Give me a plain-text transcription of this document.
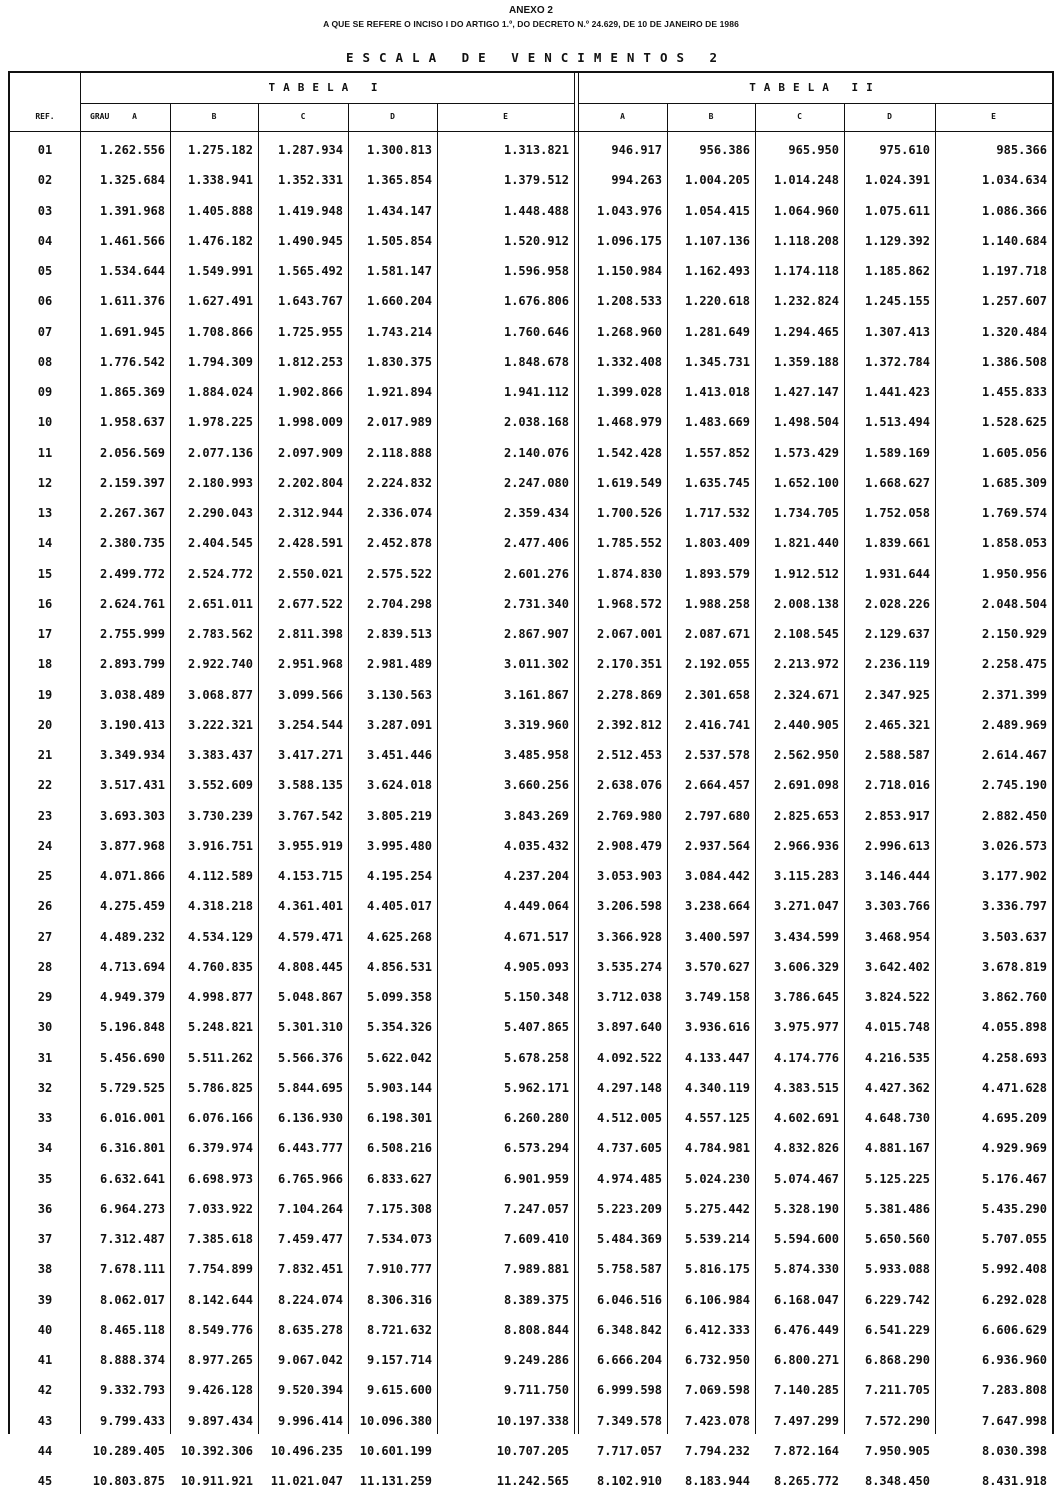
ANEXO 2
A QUE SE REFERE O INCISO I DO ARTIGO 1.º, DO DECRETO N.º 24.629, DE 10 DE JANEIRO DE 1986
ESCALA DE VENCIMENTOS 2
TABELA I	TABELA II
REF.	GRAU A	B	C	D	E	A	B	C	D	E
01	1.262.556	1.275.182	1.287.934	1.300.813	1.313.821	946.917	956.386	965.950	975.610	985.366
02	1.325.684	1.338.941	1.352.331	1.365.854	1.379.512	994.263	1.004.205	1.014.248	1.024.391	1.034.634
03	1.391.968	1.405.888	1.419.948	1.434.147	1.448.488	1.043.976	1.054.415	1.064.960	1.075.611	1.086.366
04	1.461.566	1.476.182	1.490.945	1.505.854	1.520.912	1.096.175	1.107.136	1.118.208	1.129.392	1.140.684
05	1.534.644	1.549.991	1.565.492	1.581.147	1.596.958	1.150.984	1.162.493	1.174.118	1.185.862	1.197.718
06	1.611.376	1.627.491	1.643.767	1.660.204	1.676.806	1.208.533	1.220.618	1.232.824	1.245.155	1.257.607
07	1.691.945	1.708.866	1.725.955	1.743.214	1.760.646	1.268.960	1.281.649	1.294.465	1.307.413	1.320.484
08	1.776.542	1.794.309	1.812.253	1.830.375	1.848.678	1.332.408	1.345.731	1.359.188	1.372.784	1.386.508
09	1.865.369	1.884.024	1.902.866	1.921.894	1.941.112	1.399.028	1.413.018	1.427.147	1.441.423	1.455.833
10	1.958.637	1.978.225	1.998.009	2.017.989	2.038.168	1.468.979	1.483.669	1.498.504	1.513.494	1.528.625
11	2.056.569	2.077.136	2.097.909	2.118.888	2.140.076	1.542.428	1.557.852	1.573.429	1.589.169	1.605.056
12	2.159.397	2.180.993	2.202.804	2.224.832	2.247.080	1.619.549	1.635.745	1.652.100	1.668.627	1.685.309
13	2.267.367	2.290.043	2.312.944	2.336.074	2.359.434	1.700.526	1.717.532	1.734.705	1.752.058	1.769.574
14	2.380.735	2.404.545	2.428.591	2.452.878	2.477.406	1.785.552	1.803.409	1.821.440	1.839.661	1.858.053
15	2.499.772	2.524.772	2.550.021	2.575.522	2.601.276	1.874.830	1.893.579	1.912.512	1.931.644	1.950.956
16	2.624.761	2.651.011	2.677.522	2.704.298	2.731.340	1.968.572	1.988.258	2.008.138	2.028.226	2.048.504
17	2.755.999	2.783.562	2.811.398	2.839.513	2.867.907	2.067.001	2.087.671	2.108.545	2.129.637	2.150.929
18	2.893.799	2.922.740	2.951.968	2.981.489	3.011.302	2.170.351	2.192.055	2.213.972	2.236.119	2.258.475
19	3.038.489	3.068.877	3.099.566	3.130.563	3.161.867	2.278.869	2.301.658	2.324.671	2.347.925	2.371.399
20	3.190.413	3.222.321	3.254.544	3.287.091	3.319.960	2.392.812	2.416.741	2.440.905	2.465.321	2.489.969
21	3.349.934	3.383.437	3.417.271	3.451.446	3.485.958	2.512.453	2.537.578	2.562.950	2.588.587	2.614.467
22	3.517.431	3.552.609	3.588.135	3.624.018	3.660.256	2.638.076	2.664.457	2.691.098	2.718.016	2.745.190
23	3.693.303	3.730.239	3.767.542	3.805.219	3.843.269	2.769.980	2.797.680	2.825.653	2.853.917	2.882.450
24	3.877.968	3.916.751	3.955.919	3.995.480	4.035.432	2.908.479	2.937.564	2.966.936	2.996.613	3.026.573
25	4.071.866	4.112.589	4.153.715	4.195.254	4.237.204	3.053.903	3.084.442	3.115.283	3.146.444	3.177.902
26	4.275.459	4.318.218	4.361.401	4.405.017	4.449.064	3.206.598	3.238.664	3.271.047	3.303.766	3.336.797
27	4.489.232	4.534.129	4.579.471	4.625.268	4.671.517	3.366.928	3.400.597	3.434.599	3.468.954	3.503.637
28	4.713.694	4.760.835	4.808.445	4.856.531	4.905.093	3.535.274	3.570.627	3.606.329	3.642.402	3.678.819
29	4.949.379	4.998.877	5.048.867	5.099.358	5.150.348	3.712.038	3.749.158	3.786.645	3.824.522	3.862.760
30	5.196.848	5.248.821	5.301.310	5.354.326	5.407.865	3.897.640	3.936.616	3.975.977	4.015.748	4.055.898
31	5.456.690	5.511.262	5.566.376	5.622.042	5.678.258	4.092.522	4.133.447	4.174.776	4.216.535	4.258.693
32	5.729.525	5.786.825	5.844.695	5.903.144	5.962.171	4.297.148	4.340.119	4.383.515	4.427.362	4.471.628
33	6.016.001	6.076.166	6.136.930	6.198.301	6.260.280	4.512.005	4.557.125	4.602.691	4.648.730	4.695.209
34	6.316.801	6.379.974	6.443.777	6.508.216	6.573.294	4.737.605	4.784.981	4.832.826	4.881.167	4.929.969
35	6.632.641	6.698.973	6.765.966	6.833.627	6.901.959	4.974.485	5.024.230	5.074.467	5.125.225	5.176.467
36	6.964.273	7.033.922	7.104.264	7.175.308	7.247.057	5.223.209	5.275.442	5.328.190	5.381.486	5.435.290
37	7.312.487	7.385.618	7.459.477	7.534.073	7.609.410	5.484.369	5.539.214	5.594.600	5.650.560	5.707.055
38	7.678.111	7.754.899	7.832.451	7.910.777	7.989.881	5.758.587	5.816.175	5.874.330	5.933.088	5.992.408
39	8.062.017	8.142.644	8.224.074	8.306.316	8.389.375	6.046.516	6.106.984	6.168.047	6.229.742	6.292.028
40	8.465.118	8.549.776	8.635.278	8.721.632	8.808.844	6.348.842	6.412.333	6.476.449	6.541.229	6.606.629
41	8.888.374	8.977.265	9.067.042	9.157.714	9.249.286	6.666.204	6.732.950	6.800.271	6.868.290	6.936.960
42	9.332.793	9.426.128	9.520.394	9.615.600	9.711.750	6.999.598	7.069.598	7.140.285	7.211.705	7.283.808
43	9.799.433	9.897.434	9.996.414	10.096.380	10.197.338	7.349.578	7.423.078	7.497.299	7.572.290	7.647.998
44	10.289.405	10.392.306	10.496.235	10.601.199	10.707.205	7.717.057	7.794.232	7.872.164	7.950.905	8.030.398
45	10.803.875	10.911.921	11.021.047	11.131.259	11.242.565	8.102.910	8.183.944	8.265.772	8.348.450	8.431.918
